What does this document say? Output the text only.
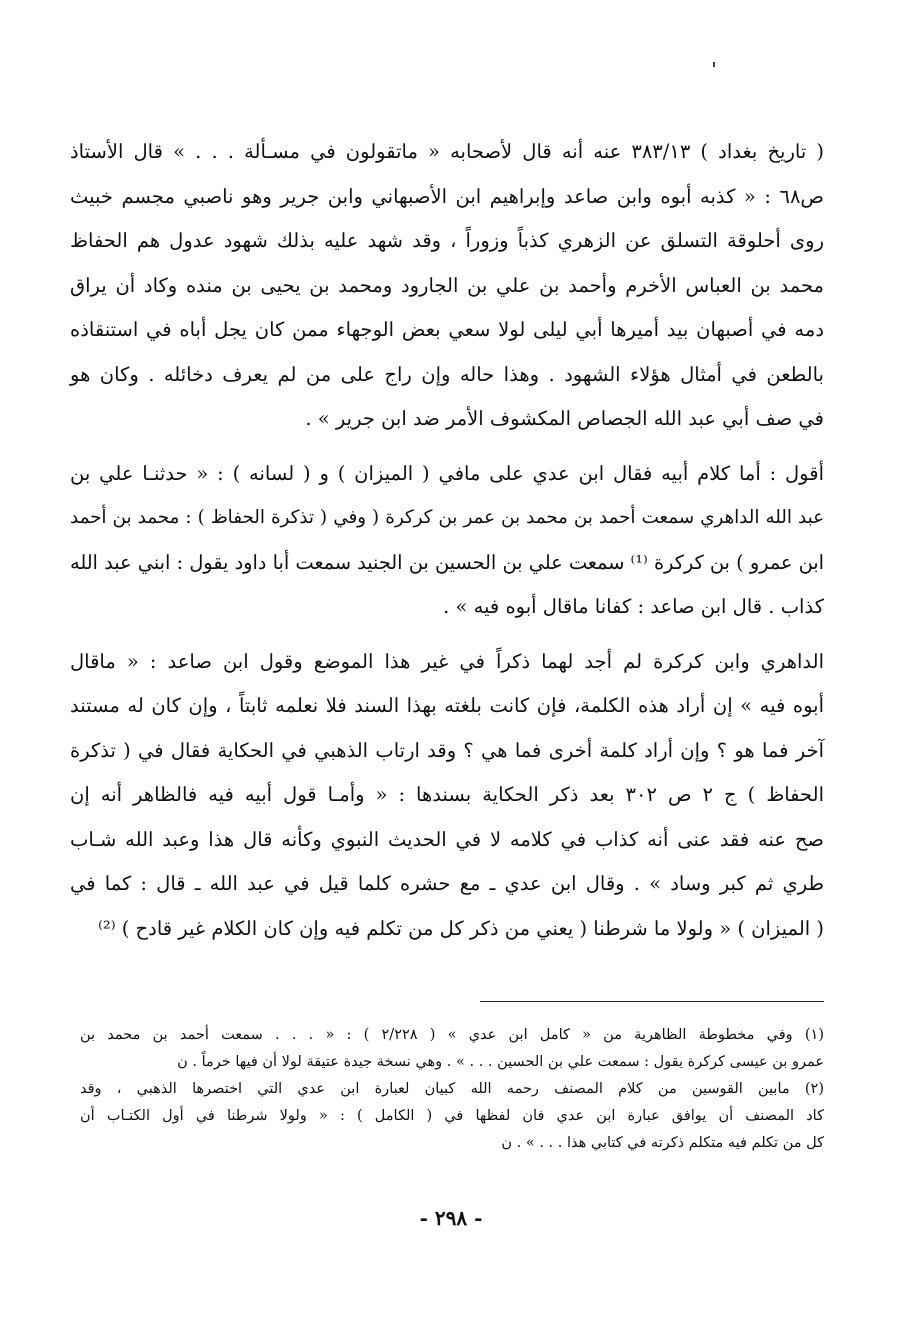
( تاريخ بغداد ) ٣٨٣/١٣ عنه أنه قال لأصحابه « ماتقولون في مسـألة . . . » قال الأستاذ
ص٦٨ : « كذبه أبوه وابن صاعد وإبراهيم ابن الأصبهاني وابن جرير وهو ناصبي مجسم خبيث
روى أحلوقة التسلق عن الزهري كذباً وزوراً ، وقد شهد عليه بذلك شهود عدول هم الحفاظ
محمد بن العباس الأخرم وأحمد بن علي بن الجارود ومحمد بن يحيى بن منده وكاد أن يراق
دمه في أصبهان بيد أميرها أبي ليلى لولا سعي بعض الوجهاء ممن كان يجل أباه في استنقاذه
بالطعن في أمثال هؤلاء الشهود . وهذا حاله وإن راج على من لم يعرف دخائله . وكان هو
في صف أبي عبد الله الجصاص المكشوف الأمر ضد ابن جرير » .

أقول : أما كلام أبيه فقال ابن عدي على مافي ( الميزان ) و ( لسانه ) : « حدثنـا علي بن
عبد الله الداهري سمعت أحمد بن محمد بن عمر بن كركرة ( وفي ( تذكرة الحفاظ ) : محمد بن أحمد
ابن عمرو ) بن كركرة ⁽¹⁾ سمعت علي بن الحسين بن الجنيد سمعت أبا داود يقول : ابني عبد الله
كذاب . قال ابن صاعد : كفانا ماقال أبوه فيه » .

الداهري وابن كركرة لم أجد لهما ذكراً في غير هذا الموضع وقول ابن صاعد : « ماقال
أبوه فيه » إن أراد هذه الكلمة، فإن كانت بلغته بهذا السند فلا نعلمه ثابتاً ، وإن كان له مستند
آخر فما هو ؟ وإن أراد كلمة أخرى فما هي ؟ وقد ارتاب الذهبي في الحكاية فقال في ( تذكرة
الحفاظ ) ج ٢ ص ٣٠٢ بعد ذكر الحكاية بسندها : « وأمـا قول أبيه فيه فالظاهر أنه إن
صح عنه فقد عنى أنه كذاب في كلامه لا في الحديث النبوي وكأنه قال هذا وعبد الله شـاب
طري ثم كبر وساد » . وقال ابن عدي ـ مع حشره كلما قيل في عبد الله ـ قال : كما في
( الميزان ) « ولولا ما شرطنا ( يعني من ذكر كل من تكلم فيه وإن كان الكلام غير قادح ) ⁽²⁾

(١) وفي مخطوطة الظاهرية من « كامل ابن عدي » ( ٢/٢٢٨ ) : « . . . سمعت أحمد بن محمد بن
عمرو بن عيسى كركرة يقول : سمعت علي بن الحسين . . . » . وهي نسخة جيدة عتيقة لولا أن فيها خرماً . ن

(٢) مابين القوسين من كلام المصنف رحمه الله كبيان لعبارة ابن عدي التي اختصرها الذهبي ، وقد
كاد المصنف أن يوافق عبارة ابن عدي فان لفظها في ( الكامل ) : « ولولا شرطنا في أول الكتـاب أن
كل من تكلم فيه متكلم ذكرته في كتابي هذا . . . » . ن

- ٢٩٨ -
